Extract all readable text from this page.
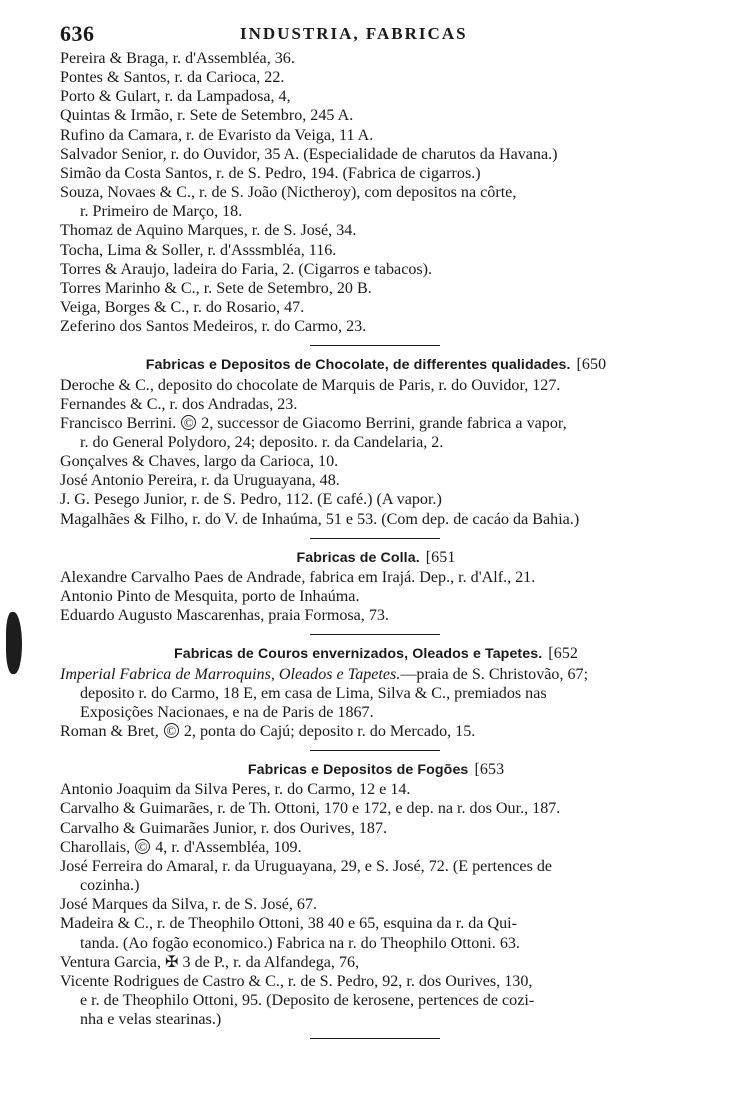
636	INDUSTRIA, FABRICAS
Pereira & Braga, r. d'Assembléa, 36.
Pontes & Santos, r. da Carioca, 22.
Porto & Gulart, r. da Lampadosa, 4,
Quintas & Irmão, r. Sete de Setembro, 245 A.
Rufino da Camara, r. de Evaristo da Veiga, 11 A.
Salvador Senior, r. do Ouvidor, 35 A. (Especialidade de charutos da Havana.)
Simão da Costa Santos, r. de S. Pedro, 194. (Fabrica de cigarros.)
Souza, Novaes & C., r. de S. João (Nictheroy), com depositos na côrte,
r. Primeiro de Março, 18.
Thomaz de Aquino Marques, r. de S. José, 34.
Tocha, Lima & Soller, r. d'Asssmbléa, 116.
Torres & Araujo, ladeira do Faria, 2. (Cigarros e tabacos).
Torres Marinho & C., r. Sete de Setembro, 20 B.
Veiga, Borges & C., r. do Rosario, 47.
Zeferino dos Santos Medeiros, r. do Carmo, 23.
Fabricas e Depositos de Chocolate, de differentes qualidades. [650
Deroche & C., deposito do chocolate de Marquis de Paris, r. do Ouvidor, 127.
Fernandes & C., r. dos Andradas, 23.
Francisco Berrini. © 2, successor de Giacomo Berrini, grande fabrica a vapor,
r. do General Polydoro, 24; deposito. r. da Candelaria, 2.
Gonçalves & Chaves, largo da Carioca, 10.
José Antonio Pereira, r. da Uruguayana, 48.
J. G. Pesego Junior, r. de S. Pedro, 112. (E café.) (A vapor.)
Magalhães & Filho, r. do V. de Inhaúma, 51 e 53. (Com dep. de cacáo da Bahia.)
Fabricas de Colla. [651
Alexandre Carvalho Paes de Andrade, fabrica em Irajá. Dep., r. d'Alf., 21.
Antonio Pinto de Mesquita, porto de Inhaúma.
Eduardo Augusto Mascarenhas, praia Formosa, 73.
Fabricas de Couros envernizados, Oleados e Tapetes. [652
Imperial Fabrica de Marroquins, Oleados e Tapetes.—praia de S. Christovão, 67;
deposito r. do Carmo, 18 E, em casa de Lima, Silva & C., premiados nas
Exposições Nacionaes, e na de Paris de 1867.
Roman & Bret, © 2, ponta do Cajú; deposito r. do Mercado, 15.
Fabricas e Depositos de Fogões [653
Antonio Joaquim da Silva Peres, r. do Carmo, 12 e 14.
Carvalho & Guimarães, r. de Th. Ottoni, 170 e 172, e dep. na r. dos Our., 187.
Carvalho & Guimarães Junior, r. dos Ourives, 187.
Charollais, © 4, r. d'Assembléa, 109.
José Ferreira do Amaral, r. da Uruguayana, 29, e S. José, 72. (E pertences de
cozinha.)
José Marques da Silva, r. de S. José, 67.
Madeira & C., r. de Theophilo Ottoni, 38 40 e 65, esquina da r. da Qui-
tanda. (Ao fogão economico.) Fabrica na r. do Theophilo Ottoni. 63.
Ventura Garcia, ✠ 3 de P., r. da Alfandega, 76,
Vicente Rodrigues de Castro & C., r. de S. Pedro, 92, r. dos Ourives, 130,
e r. de Theophilo Ottoni, 95. (Deposito de kerosene, pertences de cozi-
nha e velas stearinas.)
